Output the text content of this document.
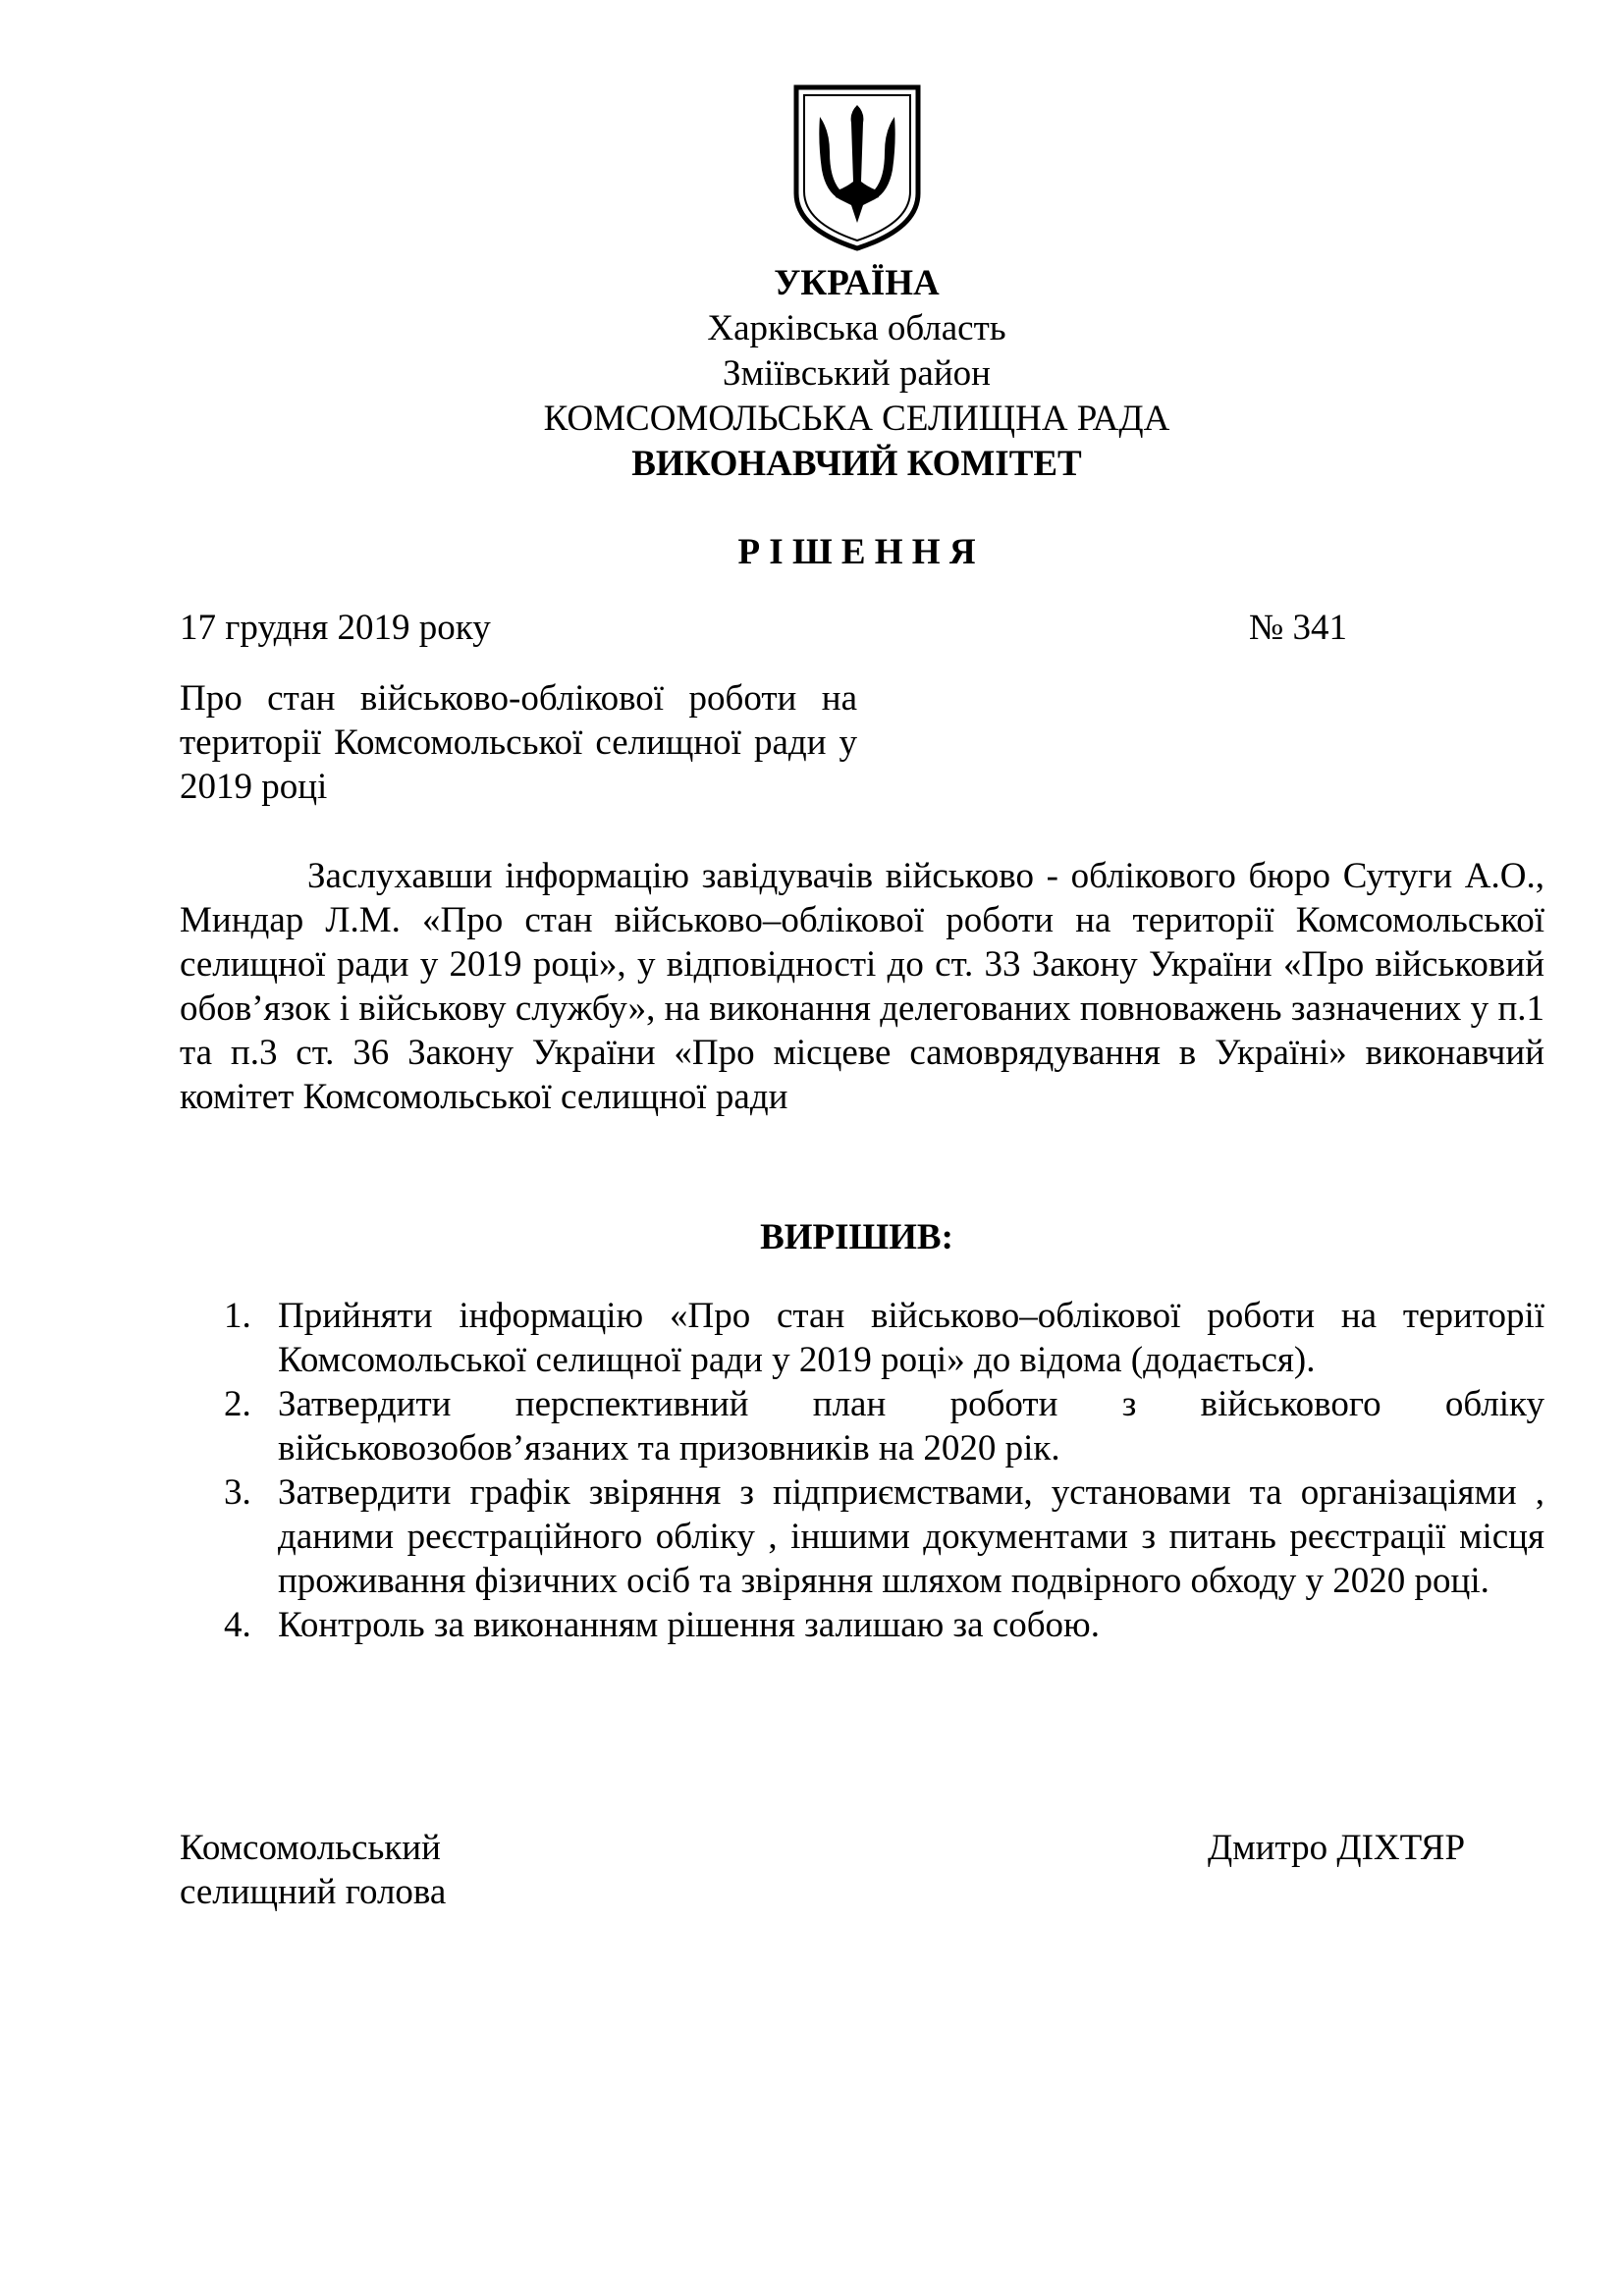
УКРАЇНА
Харківська область
Зміївський район
КОМСОМОЛЬСЬКА СЕЛИЩНА РАДА
ВИКОНАВЧИЙ КОМІТЕТ
Р І Ш Е Н Н Я
17 грудня 2019 року	№ 341
Про стан військово-облікової роботи на території Комсомольської селищної ради у 2019 році
Заслухавши інформацію завідувачів військово - облікового бюро Сутуги А.О., Миндар Л.М. «Про стан військово–облікової роботи на території Комсомольської селищної ради у 2019 році», у відповідності до ст. 33 Закону України «Про військовий обов’язок і військову службу», на виконання делегованих повноважень зазначених у п.1 та п.3 ст. 36 Закону України «Про місцеве самоврядування в Україні» виконавчий комітет Комсомольської селищної ради
ВИРІШИВ:
1. Прийняти інформацію «Про стан військово–облікової роботи на території Комсомольської селищної ради у 2019 році» до відома (додається).
2. Затвердити перспективний план роботи з військового обліку військовозобов’язаних та призовників на 2020 рік.
3. Затвердити графік звіряння з підприємствами, установами та організаціями , даними реєстраційного обліку , іншими документами з питань реєстрації місця проживання фізичних осіб та звіряння шляхом подвірного обходу у 2020 році.
4. Контроль за виконанням рішення залишаю за собою.
Комсомольський
селищний голова
Дмитро ДІХТЯР
